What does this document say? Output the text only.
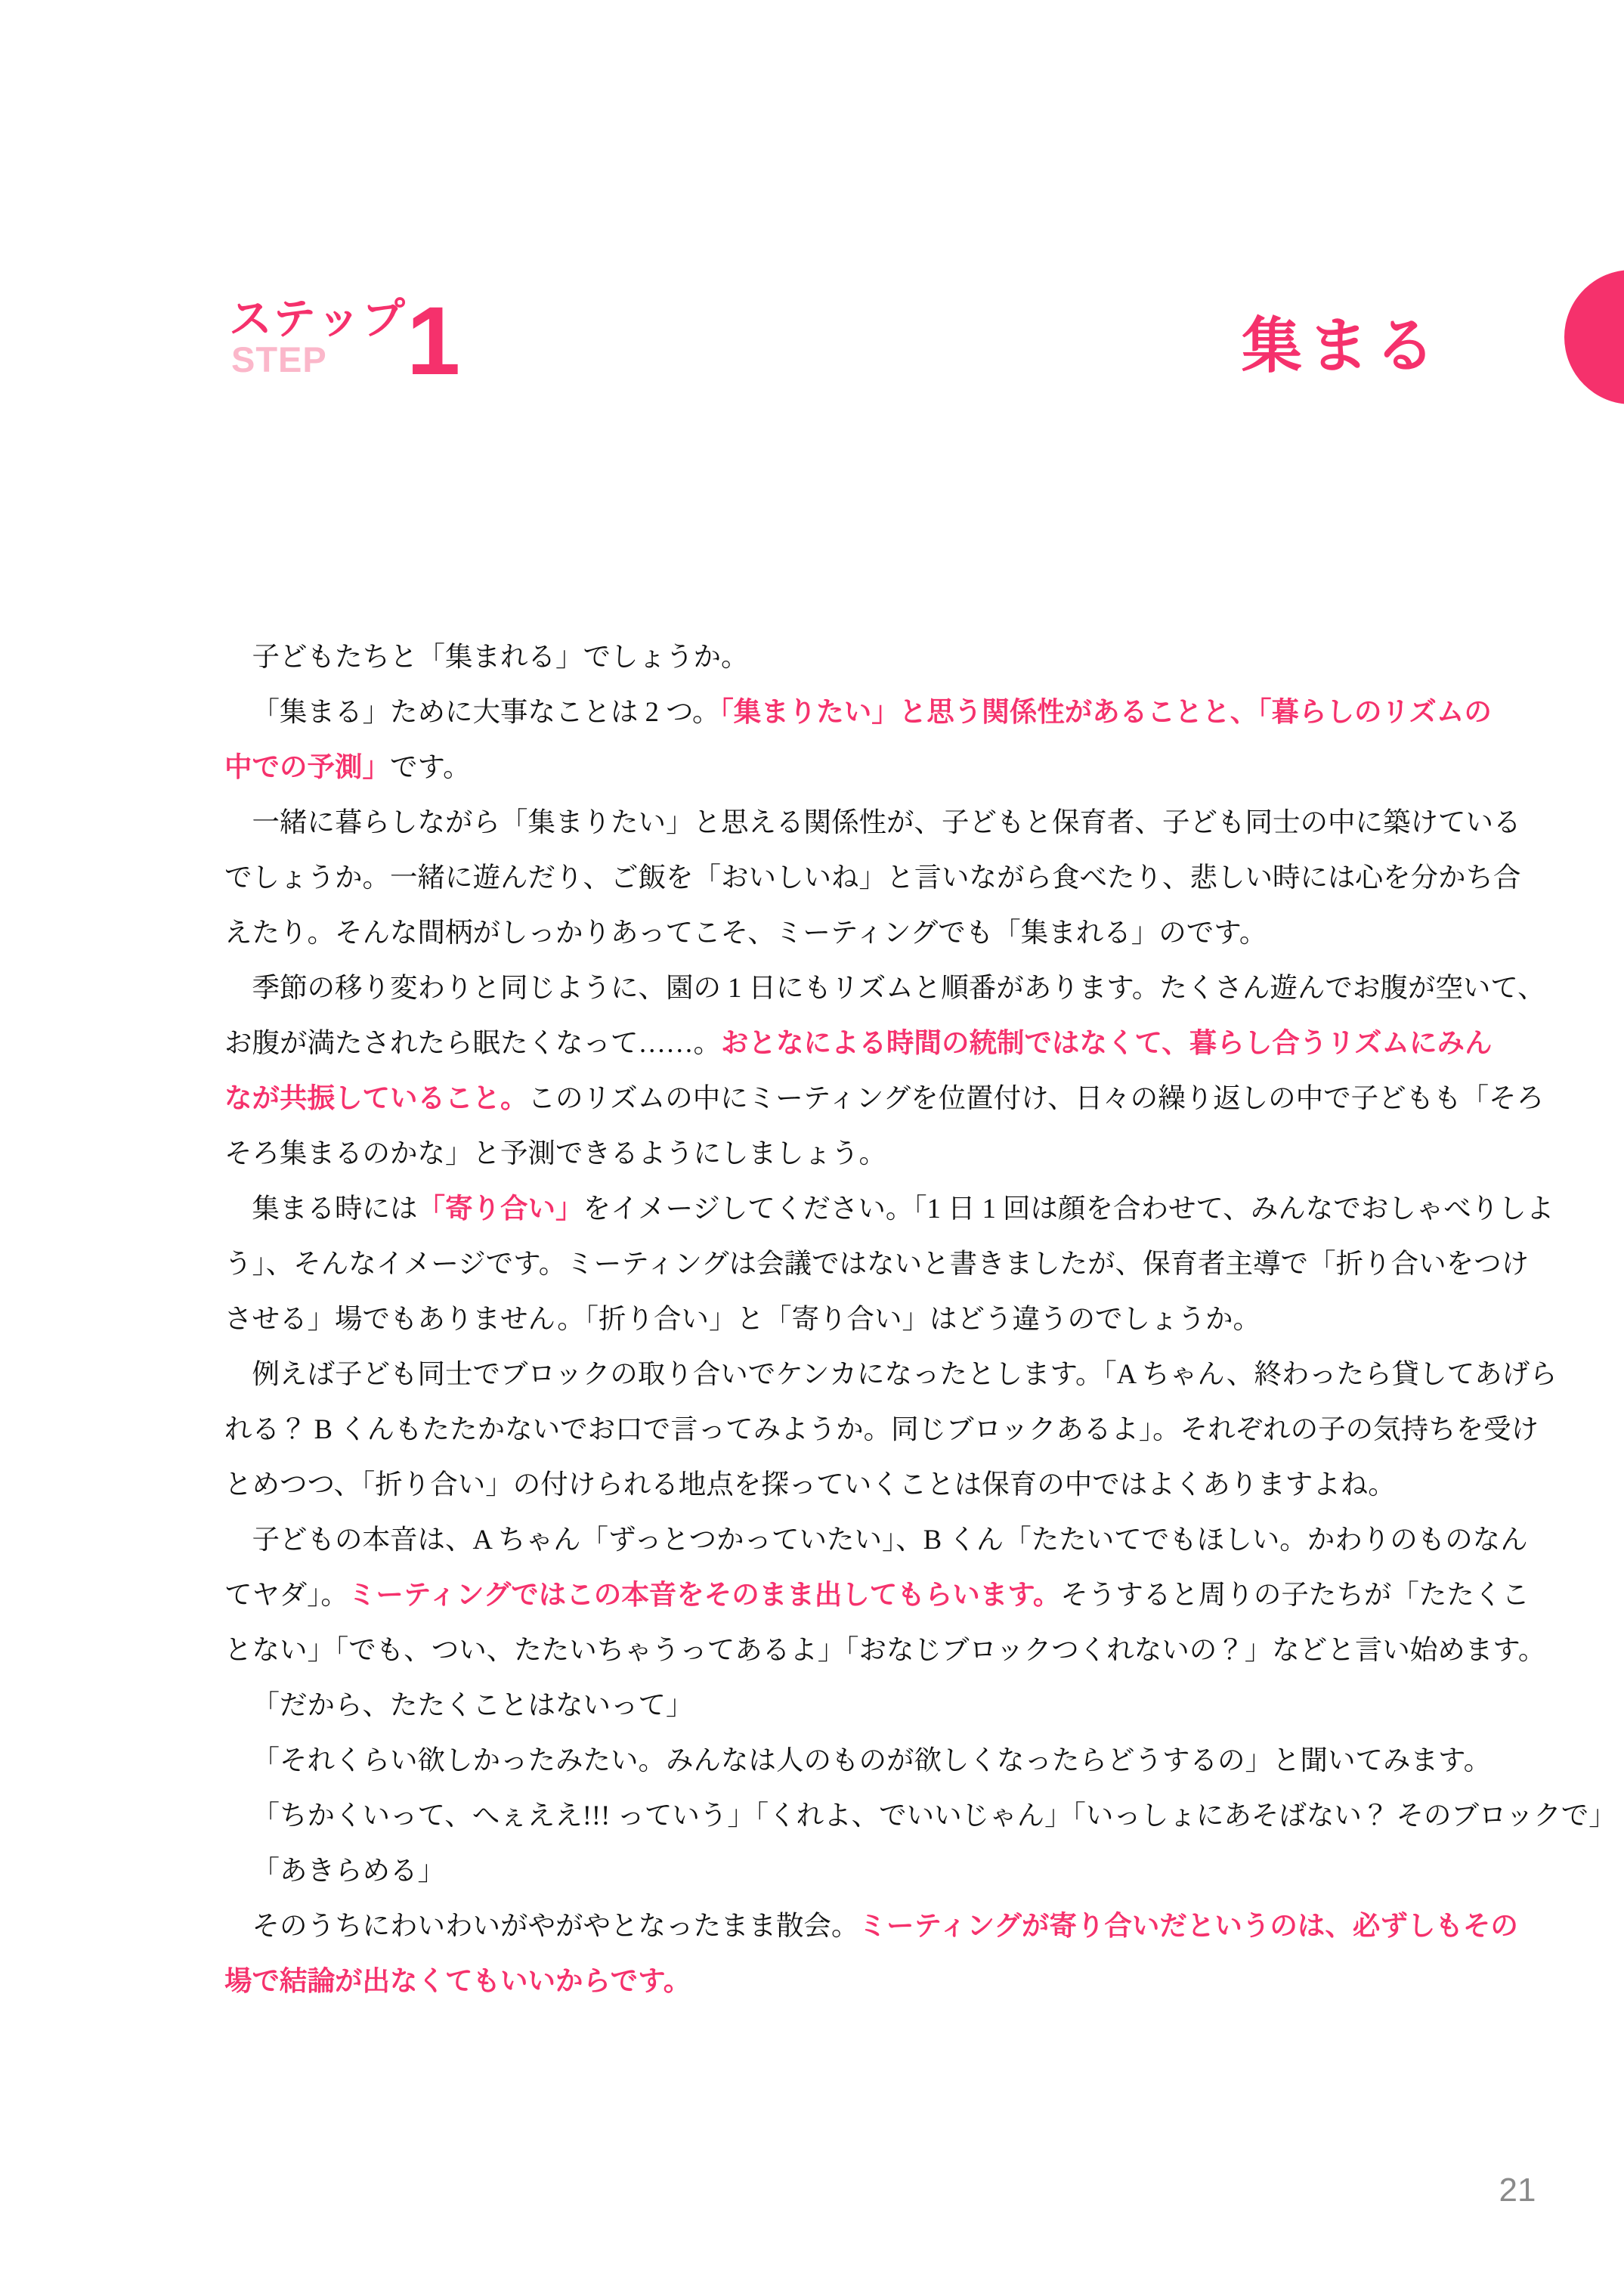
ステップ
STEP 1	集まる
子どもたちと「集まれる」でしょうか。
「集まる」ために大事なことは 2 つ。「集まりたい」と思う関係性があることと、「暮らしのリズムの
中での予測」です。
一緒に暮らしながら「集まりたい」と思える関係性が、子どもと保育者、子ども同士の中に築けている
でしょうか。一緒に遊んだり、ご飯を「おいしいね」と言いながら食べたり、悲しい時には心を分かち合
えたり。そんな間柄がしっかりあってこそ、ミーティングでも「集まれる」のです。
季節の移り変わりと同じように、園の 1 日にもリズムと順番があります。たくさん遊んでお腹が空いて、
お腹が満たされたら眠たくなって……。おとなによる時間の統制ではなくて、暮らし合うリズムにみん
なが共振していること。このリズムの中にミーティングを位置付け、日々の繰り返しの中で子どもも「そろ
そろ集まるのかな」と予測できるようにしましょう。
集まる時には「寄り合い」をイメージしてください。「1 日 1 回は顔を合わせて、みんなでおしゃべりしよ
う」、そんなイメージです。ミーティングは会議ではないと書きましたが、保育者主導で「折り合いをつけ
させる」場でもありません。「折り合い」と「寄り合い」はどう違うのでしょうか。
例えば子ども同士でブロックの取り合いでケンカになったとします。「A ちゃん、終わったら貸してあげら
れる？ B くんもたたかないでお口で言ってみようか。同じブロックあるよ」。それぞれの子の気持ちを受け
とめつつ、「折り合い」の付けられる地点を探っていくことは保育の中ではよくありますよね。
子どもの本音は、A ちゃん「ずっとつかっていたい」、B くん「たたいてでもほしい。かわりのものなん
てヤダ」。ミーティングではこの本音をそのまま出してもらいます。そうすると周りの子たちが「たたくこ
とない」「でも、つい、たたいちゃうってあるよ」「おなじブロックつくれないの？」などと言い始めます。
「だから、たたくことはないって」
「それくらい欲しかったみたい。みんなは人のものが欲しくなったらどうするの」と聞いてみます。
「ちかくいって、へぇええ!!! っていう」「くれよ、でいいじゃん」「いっしょにあそばない？ そのブロックで」
「あきらめる」
そのうちにわいわいがやがやとなったまま散会。ミーティングが寄り合いだというのは、必ずしもその
場で結論が出なくてもいいからです。
21
